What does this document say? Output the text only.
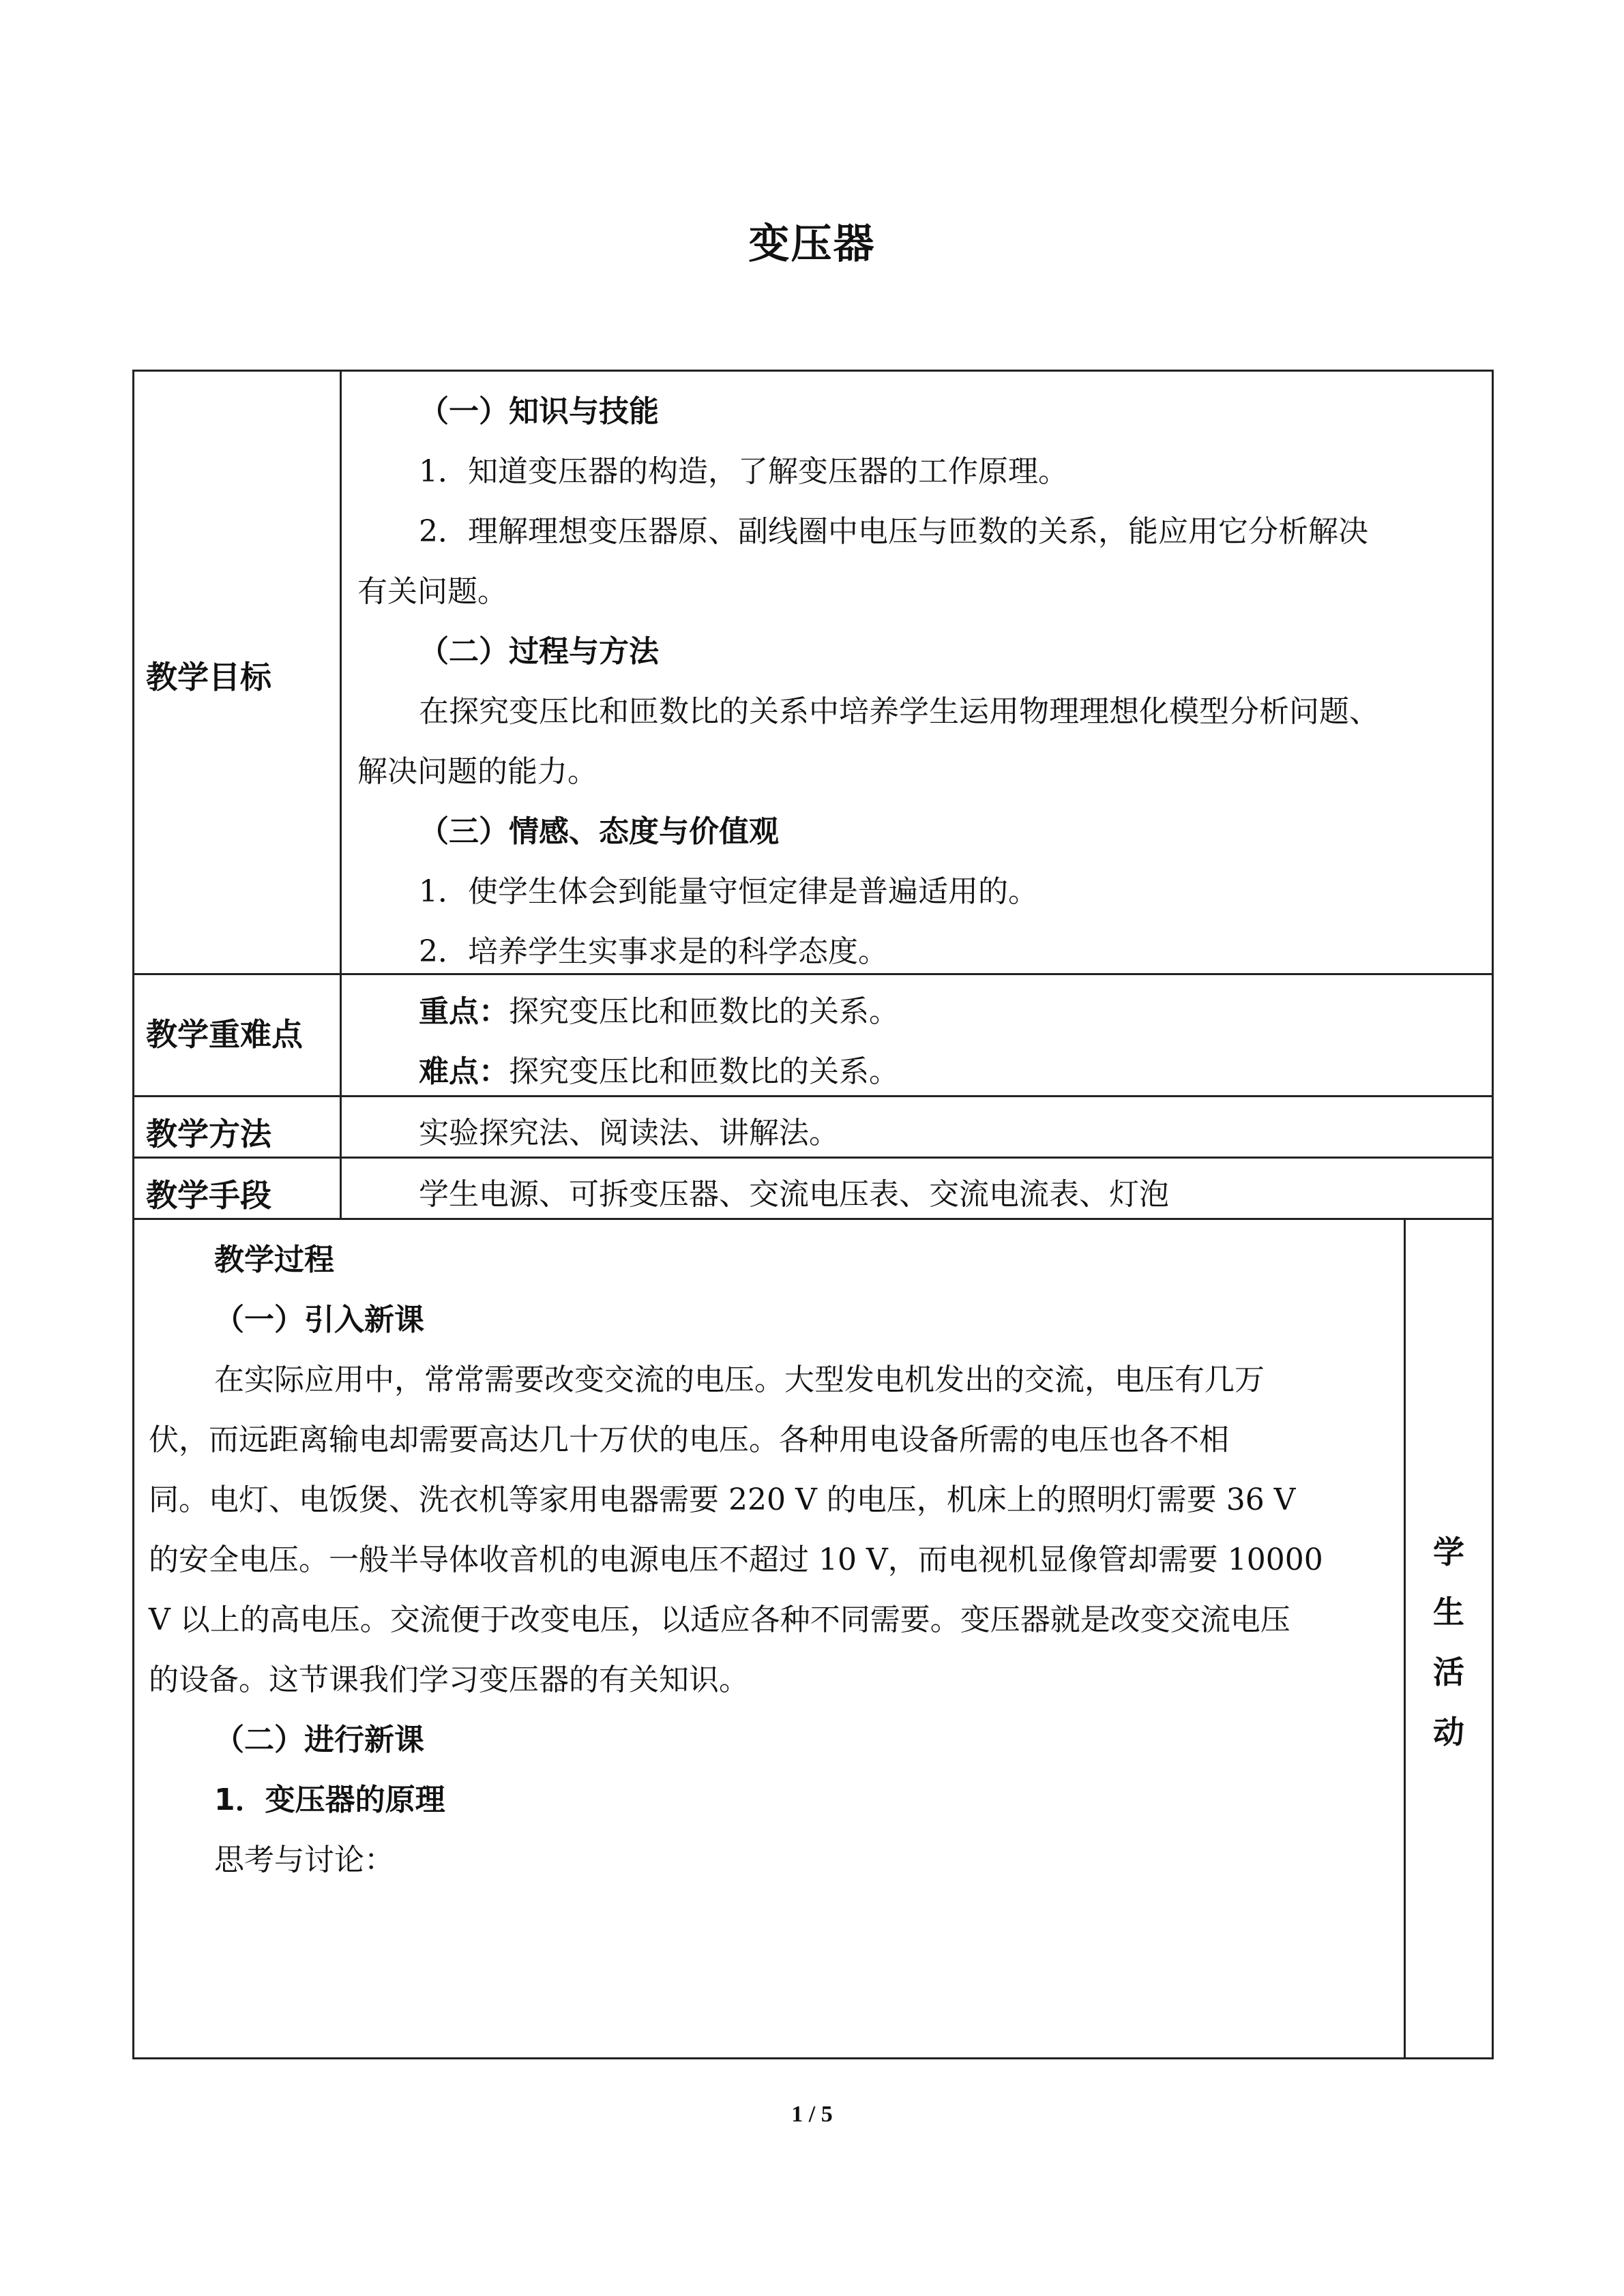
变压器
教学目标
（一）知识与技能
1．知道变压器的构造，了解变压器的工作原理。
2．理解理想变压器原、副线圈中电压与匝数的关系，能应用它分析解决
有关问题。
（二）过程与方法
在探究变压比和匝数比的关系中培养学生运用物理理想化模型分析问题、
解决问题的能力。
（三）情感、态度与价值观
1．使学生体会到能量守恒定律是普遍适用的。
2．培养学生实事求是的科学态度。
教学重难点
重点：探究变压比和匝数比的关系。
难点：探究变压比和匝数比的关系。
教学方法	实验探究法、阅读法、讲解法。
教学手段	学生电源、可拆变压器、交流电压表、交流电流表、灯泡
教学过程
（一）引入新课
在实际应用中，常常需要改变交流的电压。大型发电机发出的交流，电压有几万
伏，而远距离输电却需要高达几十万伏的电压。各种用电设备所需的电压也各不相
同。电灯、电饭煲、洗衣机等家用电器需要 220 V 的电压，机床上的照明灯需要 36 V
的安全电压。一般半导体收音机的电源电压不超过 10 V，而电视机显像管却需要 10000
V 以上的高电压。交流便于改变电压，以适应各种不同需要。变压器就是改变交流电压
的设备。这节课我们学习变压器的有关知识。
（二）进行新课
1．变压器的原理
思考与讨论：
学
生
活
动
1 / 5
